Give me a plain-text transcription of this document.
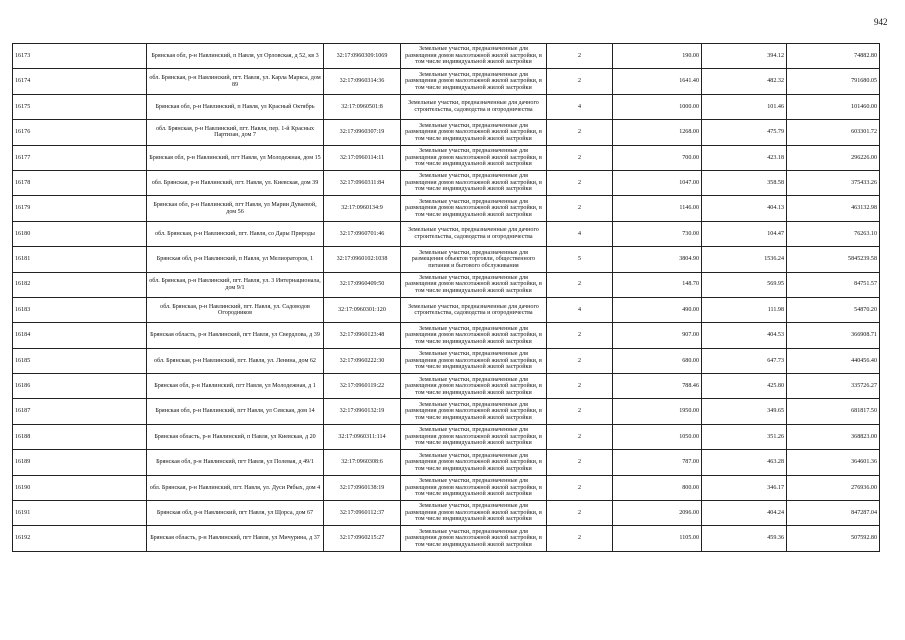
942
16173	Брянская обл, р-н Навлинский, п Навля, ул Орловская, д 52, кв 3	32:17:0960309:1069	Земельные участки, предназначенные для размещения домов малоэтажной жилой застройки, в том числе индивидуальной жилой застройки	2	190.00	394.12	74882.80
16174	обл. Брянская, р-н Навлинский, пгт. Навля, ул. Карла Маркса, дом 89	32:17:0960314:36	Земельные участки, предназначенные для размещения домов малоэтажной жилой застройки, в том числе индивидуальной жилой застройки	2	1641.40	482.32	791680.05
16175	Брянская обл, р-н Навлинский, п Навля, ул Красный Октябрь	32:17:0960501:8	Земельные участки, предназначенные для дачного строительства, садоводства и огородничества	4	1000.00	101.46	101460.00
16176	обл. Брянская, р-н Навлинский, пгт. Навля, пер. 1-й Красных Партизан, дом 7	32:17:0960307:19	Земельные участки, предназначенные для размещения домов малоэтажной жилой застройки, в том числе индивидуальной жилой застройки	2	1268.00	475.79	603301.72
16177	Брянская обл, р-н Навлинский, пгт Навля, ул Молодежная, дом 15	32:17:0960114:11	Земельные участки, предназначенные для размещения домов малоэтажной жилой застройки, в том числе индивидуальной жилой застройки	2	700.00	423.18	296226.00
16178	обл. Брянская, р-н Навлинский, пгт. Навля, ул. Киевская, дом 39	32:17:0960311:84	Земельные участки, предназначенные для размещения домов малоэтажной жилой застройки, в том числе индивидуальной жилой застройки	2	1047.00	358.58	375433.26
16179	Брянская обл, р-н Навлинский, пгт Навля, ул Марии Дуваевой, дом 56	32:17:0960134:9	Земельные участки, предназначенные для размещения домов малоэтажной жилой застройки, в том числе индивидуальной жилой застройки	2	1146.00	404.13	463132.98
16180	обл. Брянская, р-н Навлинский, пгт. Навля, со Дары Природы	32:17:0960701:46	Земельные участки, предназначенные для дачного строительства, садоводства и огородничества	4	730.00	104.47	76263.10
16181	Брянская обл, р-н Навлинский, п Навля, ул Мелиораторов, 1	32:17:0960102:1038	Земельные участки, предназначенные для размещения объектов торговли, общественного питания и бытового обслуживания	5	3804.90	1536.24	5845239.58
16182	обл. Брянская, р-н Навлинский, пгт. Навля, ул. 3 Интернационала, дом 9/1	32:17:0960409:50	Земельные участки, предназначенные для размещения домов малоэтажной жилой застройки, в том числе индивидуальной жилой застройки	2	148.70	569.95	84751.57
16183	обл. Брянская, р-н Навлинский, пгт. Навля, ул. Садоводов Огородников	32:17:0960301:120	Земельные участки, предназначенные для дачного строительства, садоводства и огородничества	4	490.00	111.98	54870.20
16184	Брянская область, р-н Навлинский, пгт Навля, ул Свердлова, д 39	32:17:0960123:48	Земельные участки, предназначенные для размещения домов малоэтажной жилой застройки, в том числе индивидуальной жилой застройки	2	907.00	404.53	366908.71
16185	обл. Брянская, р-н Навлинский, пгт. Навля, ул. Ленина, дом 62	32:17:0960222:30	Земельные участки, предназначенные для размещения домов малоэтажной жилой застройки, в том числе индивидуальной жилой застройки	2	680.00	647.73	440456.40
16186	Брянская обл, р-н Навлинский, пгт Навля, ул Молодежная, д 1	32:17:0960119:22	Земельные участки, предназначенные для размещения домов малоэтажной жилой застройки, в том числе индивидуальной жилой застройки	2	788.46	425.80	335726.27
16187	Брянская обл, р-н Навлинский, пгт Навля, ул Севская, дом 14	32:17:0960132:19	Земельные участки, предназначенные для размещения домов малоэтажной жилой застройки, в том числе индивидуальной жилой застройки	2	1950.00	349.65	681817.50
16188	Брянская область, р-н Навлинский, п Навля, ул Киевская, д 20	32:17:0960311:114	Земельные участки, предназначенные для размещения домов малоэтажной жилой застройки, в том числе индивидуальной жилой застройки	2	1050.00	351.26	368823.00
16189	Брянская обл, р-н Навлинский, пгт Навля, ул Полевая, д 49/1	32:17:0960308:6	Земельные участки, предназначенные для размещения домов малоэтажной жилой застройки, в том числе индивидуальной жилой застройки	2	787.00	463.28	364601.36
16190	обл. Брянская, р-н Навлинский, пгт. Навля, ул. Дуси Рябых, дом 4	32:17:0960138:19	Земельные участки, предназначенные для размещения домов малоэтажной жилой застройки, в том числе индивидуальной жилой застройки	2	800.00	346.17	276936.00
16191	Брянская обл, р-н Навлинский, пгт Навля, ул Щорса, дом 67	32:17:0960112:37	Земельные участки, предназначенные для размещения домов малоэтажной жилой застройки, в том числе индивидуальной жилой застройки	2	2096.00	404.24	847287.04
16192	Брянская область, р-н Навлинский, пгт Навля, ул Мичурина, д 37	32:17:0960215:27	Земельные участки, предназначенные для размещения домов малоэтажной жилой застройки, в том числе индивидуальной жилой застройки	2	1105.00	459.36	507592.80
